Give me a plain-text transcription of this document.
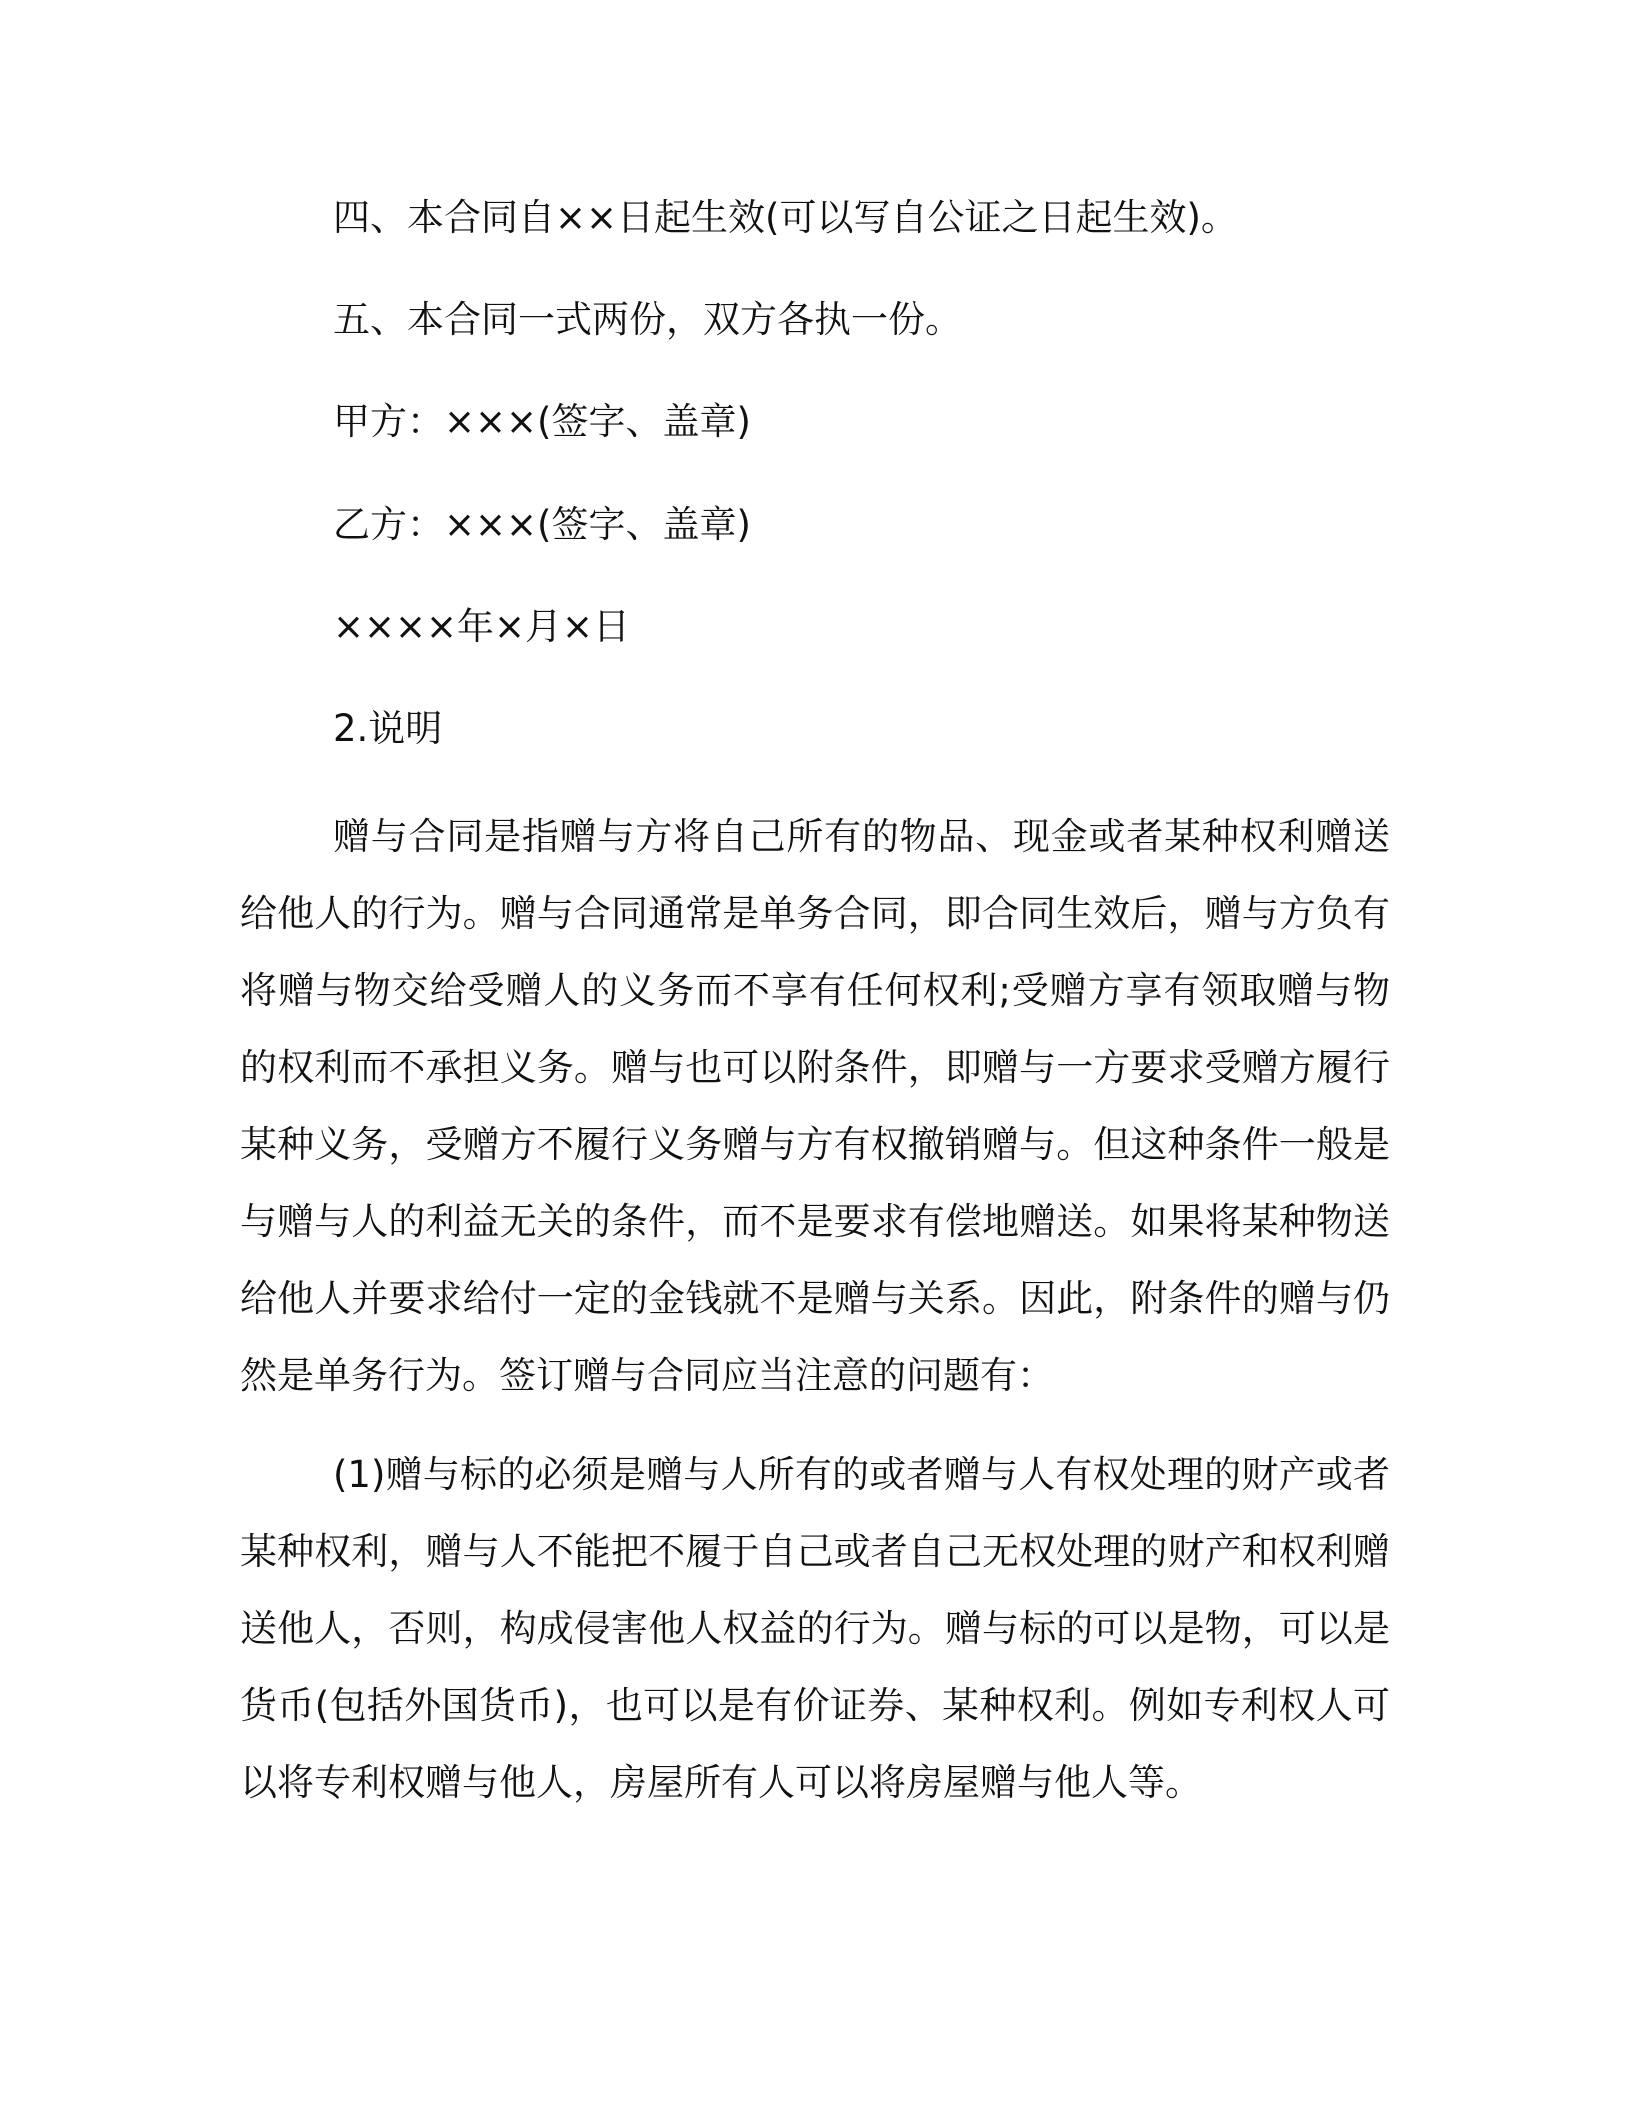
四、本合同自××日起生效(可以写自公证之日起生效)。
五、本合同一式两份，双方各执一份。
甲方：×××(签字、盖章)
乙方：×××(签字、盖章)
××××年×月×日
2.说明

赠与合同是指赠与方将自己所有的物品、现金或者某种权利赠送给他人的行为。赠与合同通常是单务合同，即合同生效后，赠与方负有将赠与物交给受赠人的义务而不享有任何权利;受赠方享有领取赠与物的权利而不承担义务。赠与也可以附条件，即赠与一方要求受赠方履行某种义务，受赠方不履行义务赠与方有权撤销赠与。但这种条件一般是与赠与人的利益无关的条件，而不是要求有偿地赠送。如果将某种物送给他人并要求给付一定的金钱就不是赠与关系。因此，附条件的赠与仍然是单务行为。签订赠与合同应当注意的问题有：

(1)赠与标的必须是赠与人所有的或者赠与人有权处理的财产或者某种权利，赠与人不能把不履于自己或者自己无权处理的财产和权利赠送他人，否则，构成侵害他人权益的行为。赠与标的可以是物，可以是货币(包括外国货币)，也可以是有价证券、某种权利。例如专利权人可以将专利权赠与他人，房屋所有人可以将房屋赠与他人等。
